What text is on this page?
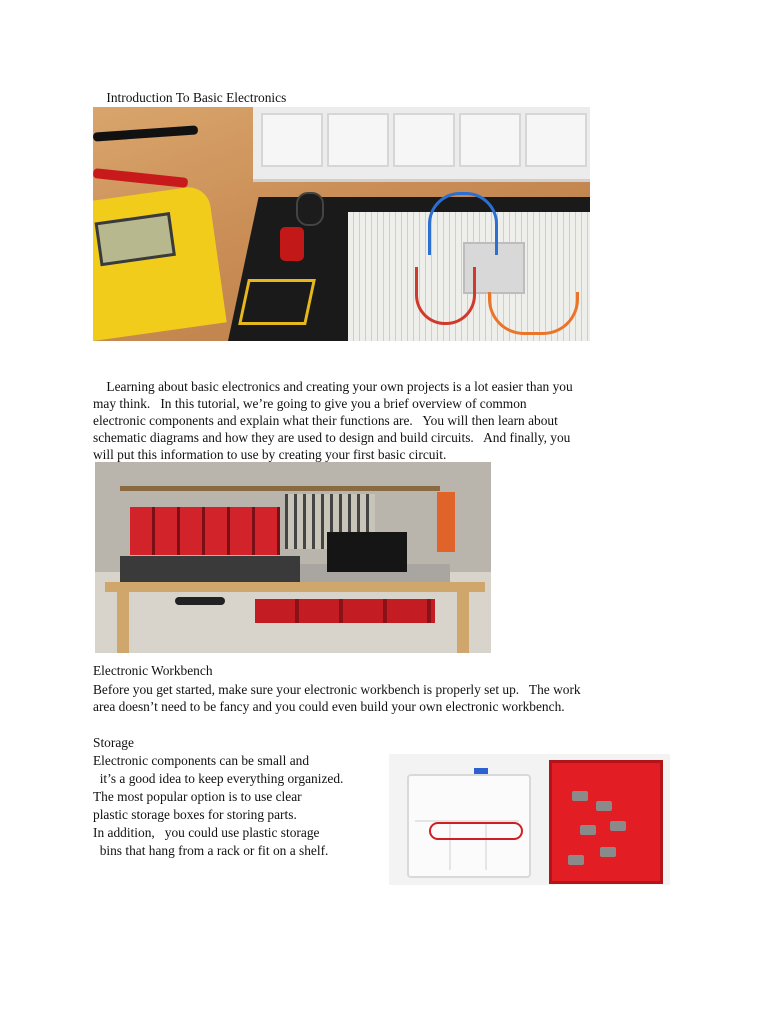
Introduction To Basic Electronics
Learning about basic electronics and creating your own projects is a lot easier than you
may think.   In this tutorial, we’re going to give you a brief overview of common
electronic components and explain what their functions are.   You will then learn about
schematic diagrams and how they are used to design and build circuits.   And finally, you
will put this information to use by creating your first basic circuit.
Electronic Workbench
Before you get started, make sure your electronic workbench is properly set up.   The work
area doesn’t need to be fancy and you could even build your own electronic workbench.
Storage
Electronic components can be small and
it’s a good idea to keep everything organized.
The most popular option is to use clear
plastic storage boxes for storing parts.
In addition,   you could use plastic storage
bins that hang from a rack or fit on a shelf.
